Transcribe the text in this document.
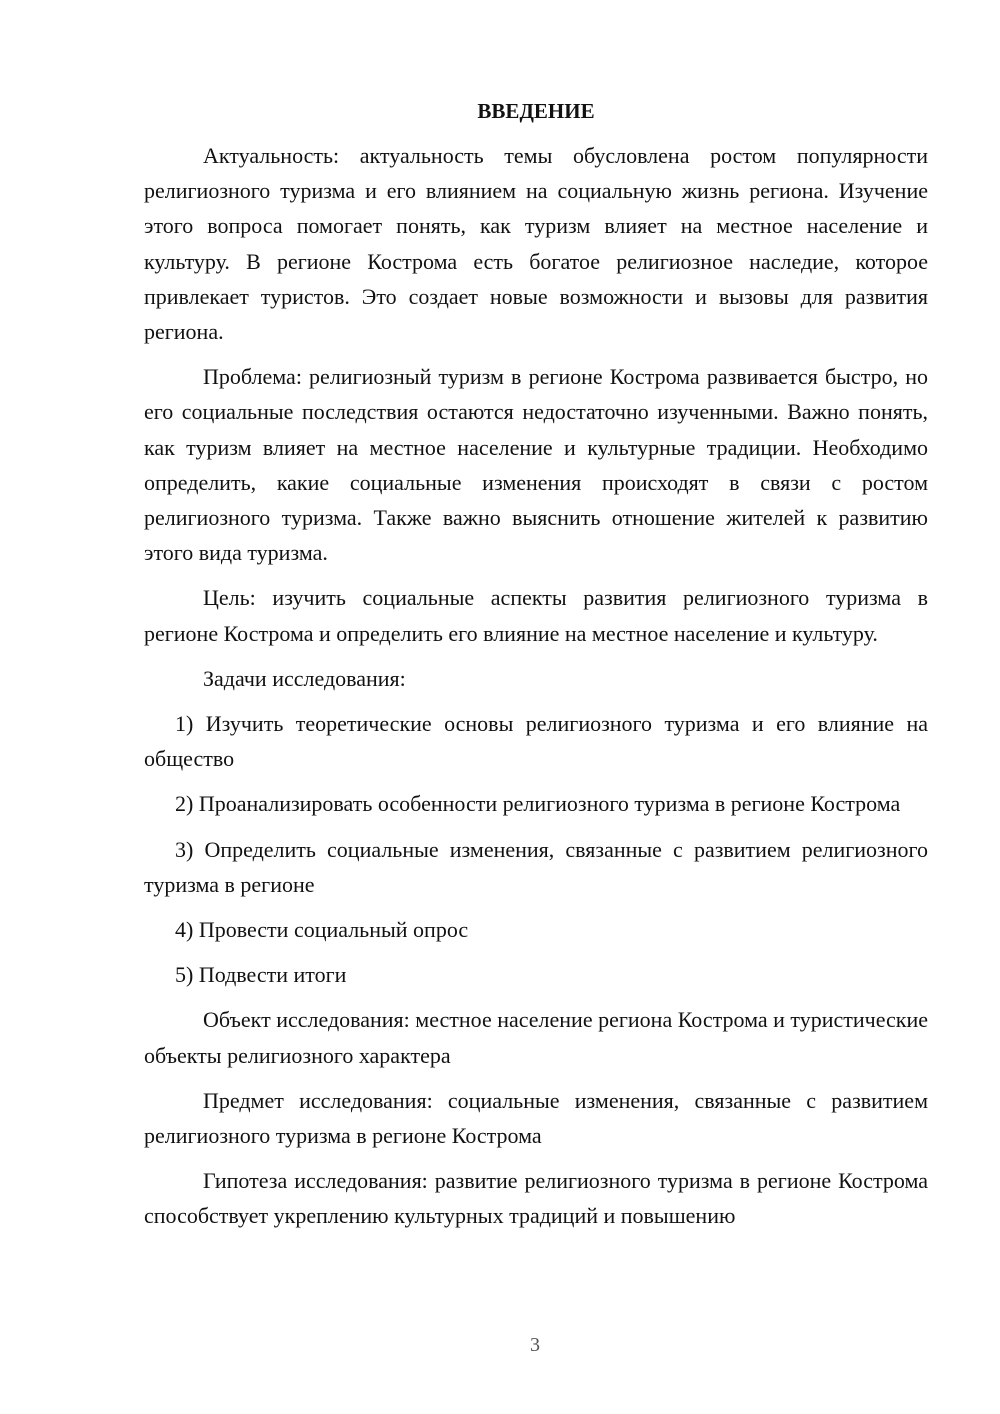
ВВЕДЕНИЕ

Актуальность: актуальность темы обусловлена ростом популярности религиозного туризма и его влиянием на социальную жизнь региона. Изучение этого вопроса помогает понять, как туризм влияет на местное население и культуру. В регионе Кострома есть богатое религиозное наследие, которое привлекает туристов. Это создает новые возможности и вызовы для развития региона.

Проблема: религиозный туризм в регионе Кострома развивается быстро, но его социальные последствия остаются недостаточно изученными. Важно понять, как туризм влияет на местное население и культурные традиции. Необходимо определить, какие социальные изменения происходят в связи с ростом религиозного туризма. Также важно выяснить отношение жителей к развитию этого вида туризма.

Цель: изучить социальные аспекты развития религиозного туризма в регионе Кострома и определить его влияние на местное население и культуру.

Задачи исследования:

1) Изучить теоретические основы религиозного туризма и его влияние на общество

2) Проанализировать особенности религиозного туризма в регионе Кострома

3) Определить социальные изменения, связанные с развитием религиозного туризма в регионе

4) Провести социальный опрос

5) Подвести итоги

Объект исследования: местное население региона Кострома и туристические объекты религиозного характера

Предмет исследования: социальные изменения, связанные с развитием религиозного туризма в регионе Кострома

Гипотеза исследования: развитие религиозного туризма в регионе Кострома способствует укреплению культурных традиций и повышению

3
